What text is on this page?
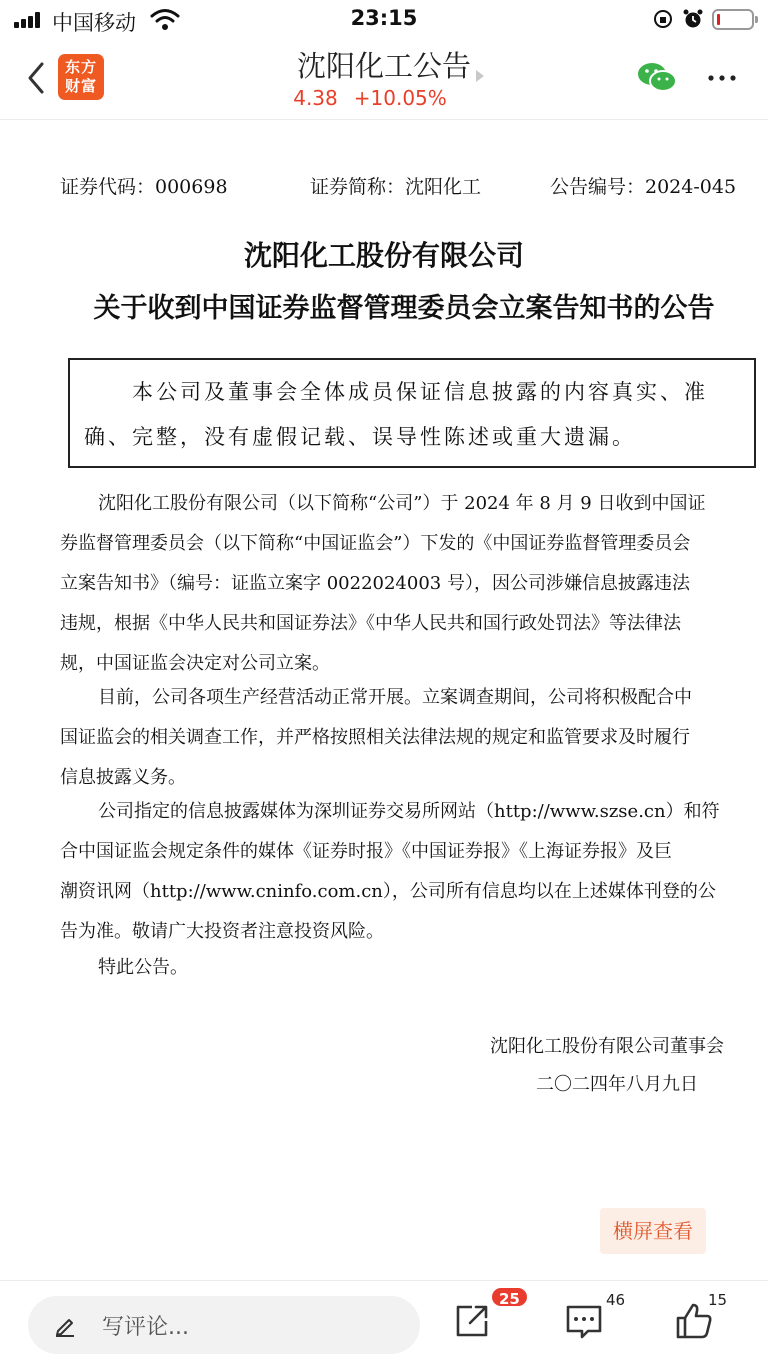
中国移动	23:15
东方
财富
沈阳化工公告
4.38 +10.05%
证券代码：000698	证券简称：沈阳化工	公告编号：2024-045
沈阳化工股份有限公司
关于收到中国证券监督管理委员会立案告知书的公告
本公司及董事会全体成员保证信息披露的内容真实、准
确、完整，没有虚假记载、误导性陈述或重大遗漏。
沈阳化工股份有限公司（以下简称“公司”）于 2024 年 8 月 9 日收到中国证
券监督管理委员会（以下简称“中国证监会”）下发的《中国证券监督管理委员会
立案告知书》（编号：证监立案字 0022024003 号），因公司涉嫌信息披露违法
违规，根据《中华人民共和国证券法》《中华人民共和国行政处罚法》等法律法
规，中国证监会决定对公司立案。
目前，公司各项生产经营活动正常开展。立案调查期间，公司将积极配合中
国证监会的相关调查工作，并严格按照相关法律法规的规定和监管要求及时履行
信息披露义务。
公司指定的信息披露媒体为深圳证券交易所网站（http://www.szse.cn）和符
合中国证监会规定条件的媒体《证券时报》《中国证券报》《上海证券报》及巨
潮资讯网（http://www.cninfo.com.cn），公司所有信息均以在上述媒体刊登的公
告为准。敬请广大投资者注意投资风险。
特此公告。
沈阳化工股份有限公司董事会
二〇二四年八月九日
横屏查看
写评论...
25	46	15
